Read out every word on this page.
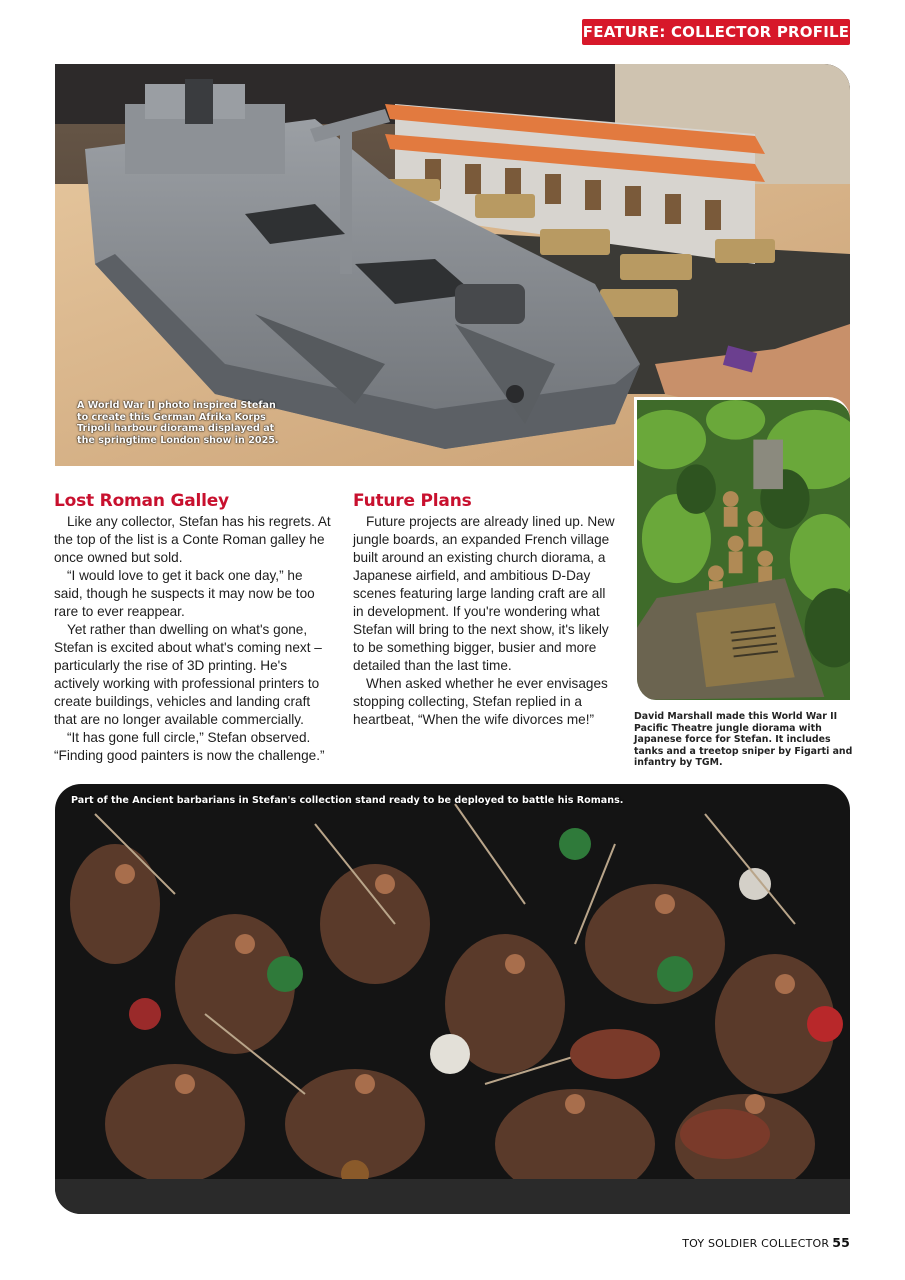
FEATURE: COLLECTOR PROFILE
A World War II photo inspired Stefan to create this German Afrika Korps Tripoli harbour diorama displayed at the springtime London show in 2025.
David Marshall made this World War II Pacific Theatre jungle diorama with Japanese force for Stefan. It includes tanks and a treetop sniper by Figarti and infantry by TGM.
Lost Roman Galley

Like any collector, Stefan has his regrets. At the top of the list is a Conte Roman galley he once owned but sold.

“I would love to get it back one day,” he said, though he suspects it may now be too rare to ever reappear.

Yet rather than dwelling on what's gone, Stefan is excited about what's coming next – particularly the rise of 3D printing. He's actively working with professional printers to create buildings, vehicles and landing craft that are no longer available commercially.

“It has gone full circle,” Stefan observed. “Finding good painters is now the challenge.”

Future Plans

Future projects are already lined up. New jungle boards, an expanded French village built around an existing church diorama, a Japanese airfield, and ambitious D-Day scenes featuring large landing craft are all in development. If you're wondering what Stefan will bring to the next show, it's likely to be something bigger, busier and more detailed than the last time.

When asked whether he ever envisages stopping collecting, Stefan replied in a heartbeat, “When the wife divorces me!”

Part of the Ancient barbarians in Stefan's collection stand ready to be deployed to battle his Romans.
TOY SOLDIER COLLECTOR 55
